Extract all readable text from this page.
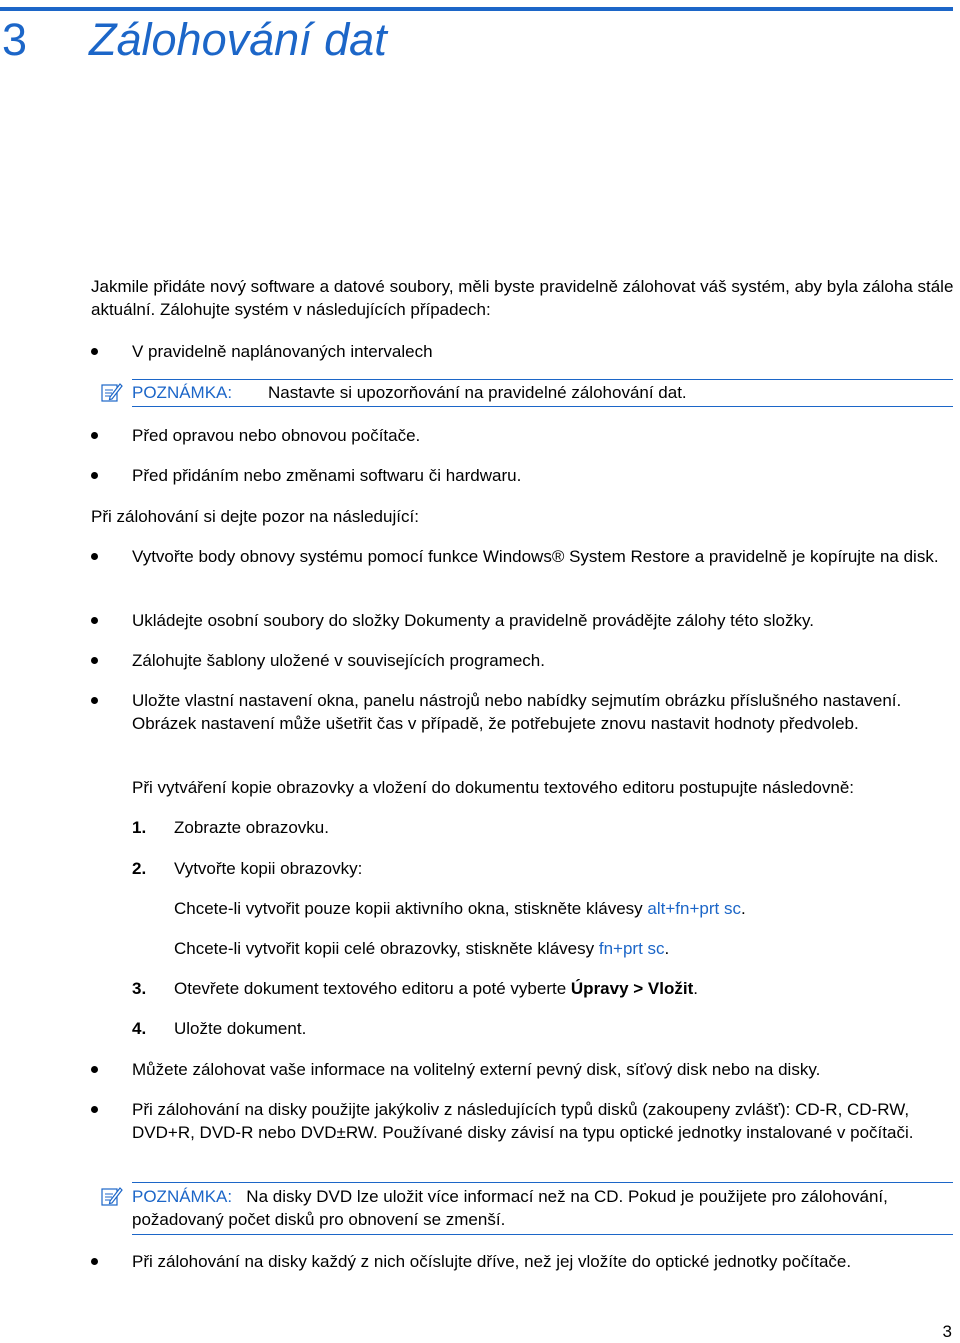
3 Zálohování dat
Jakmile přidáte nový software a datové soubory, měli byste pravidelně zálohovat váš systém, aby byla záloha stále aktuální. Zálohujte systém v následujících případech:
V pravidelně naplánovaných intervalech
POZNÁMKA: Nastavte si upozorňování na pravidelné zálohování dat.
Před opravou nebo obnovou počítače.
Před přidáním nebo změnami softwaru či hardwaru.
Při zálohování si dejte pozor na následující:
Vytvořte body obnovy systému pomocí funkce Windows® System Restore a pravidelně je kopírujte na disk.
Ukládejte osobní soubory do složky Dokumenty a pravidelně provádějte zálohy této složky.
Zálohujte šablony uložené v souvisejících programech.
Uložte vlastní nastavení okna, panelu nástrojů nebo nabídky sejmutím obrázku příslušného nastavení. Obrázek nastavení může ušetřit čas v případě, že potřebujete znovu nastavit hodnoty předvoleb.
Při vytváření kopie obrazovky a vložení do dokumentu textového editoru postupujte následovně:
1. Zobrazte obrazovku.
2. Vytvořte kopii obrazovky:
Chcete-li vytvořit pouze kopii aktivního okna, stiskněte klávesy alt+fn+prt sc.
Chcete-li vytvořit kopii celé obrazovky, stiskněte klávesy fn+prt sc.
3. Otevřete dokument textového editoru a poté vyberte Úpravy > Vložit.
4. Uložte dokument.
Můžete zálohovat vaše informace na volitelný externí pevný disk, síťový disk nebo na disky.
Při zálohování na disky použijte jakýkoliv z následujících typů disků (zakoupeny zvlášť): CD-R, CD-RW, DVD+R, DVD-R nebo DVD±RW. Používané disky závisí na typu optické jednotky instalované v počítači.
POZNÁMKA: Na disky DVD lze uložit více informací než na CD. Pokud je použijete pro zálohování, požadovaný počet disků pro obnovení se zmenší.
Při zálohování na disky každý z nich očíslujte dříve, než jej vložíte do optické jednotky počítače.
3
